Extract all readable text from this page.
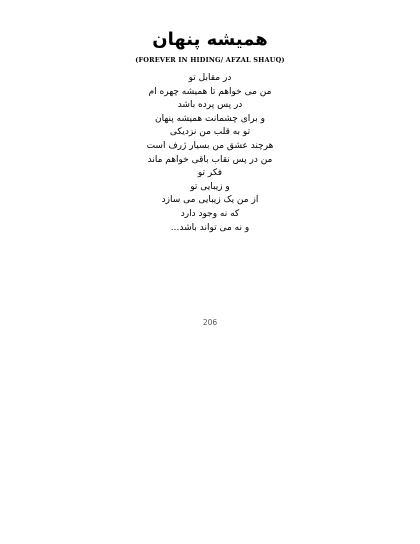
همیشه پنهان
(FOREVER IN HIDING/ AFZAL SHAUQ)
در مقابل تو
من می خواهم تا همیشه چهره ام
در پس پرده باشد
و برای چشمانت همیشه پنهان
تو به قلب من نزدیکی
هرچند عشق من بسیار ژرف است
من در پس نقاب باقی خواهم ماند
فکر تو
و زیبایی تو
از من یک زیبایی می سازد
که نه وجود دارد
و نه می تواند باشد...
206
